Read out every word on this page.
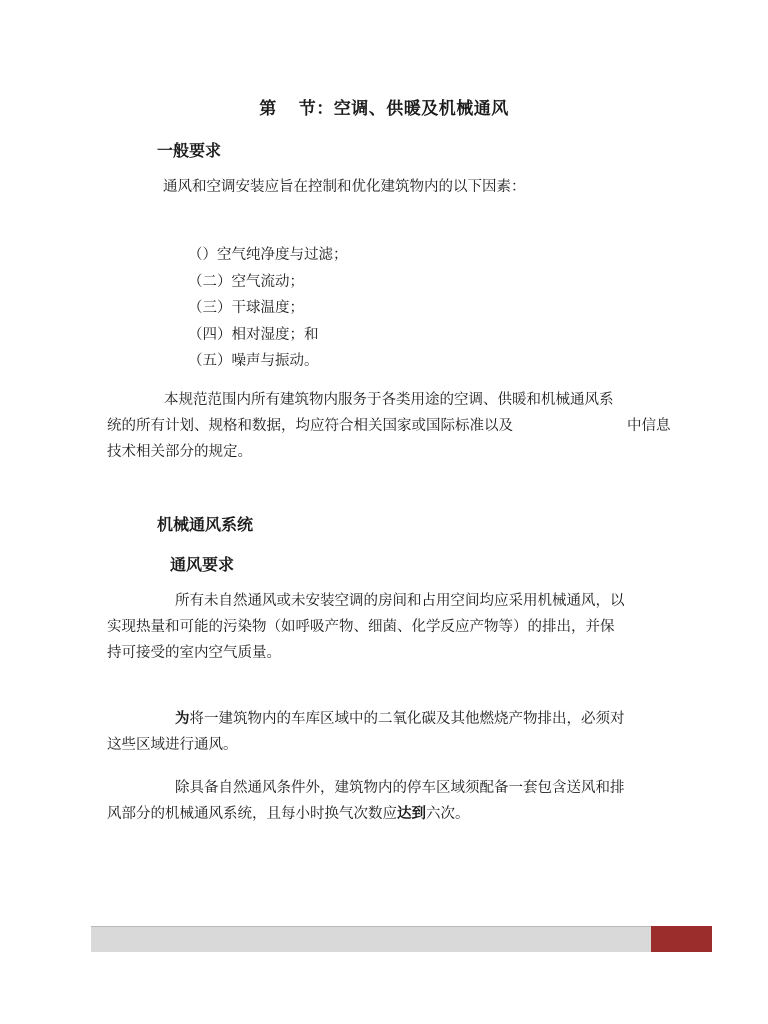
第 节：空调、供暖及机械通风
一般要求
通风和空调安装应旨在控制和优化建筑物内的以下因素：
（）空气纯净度与过滤；
（二）空气流动；
（三）干球温度；
（四）相对湿度；和
（五）噪声与振动。
本规范范围内所有建筑物内服务于各类用途的空调、供暖和机械通风系
统的所有计划、规格和数据，均应符合相关国家或国际标准以及	中信息
技术相关部分的规定。
机械通风系统
通风要求
所有未自然通风或未安装空调的房间和占用空间均应采用机械通风，以
实现热量和可能的污染物（如呼吸产物、细菌、化学反应产物等）的排出，并保
持可接受的室内空气质量。
为将一建筑物内的车库区域中的二氧化碳及其他燃烧产物排出，必须对
这些区域进行通风。
除具备自然通风条件外，建筑物内的停车区域须配备一套包含送风和排
风部分的机械通风系统，且每小时换气次数应达到六次。
